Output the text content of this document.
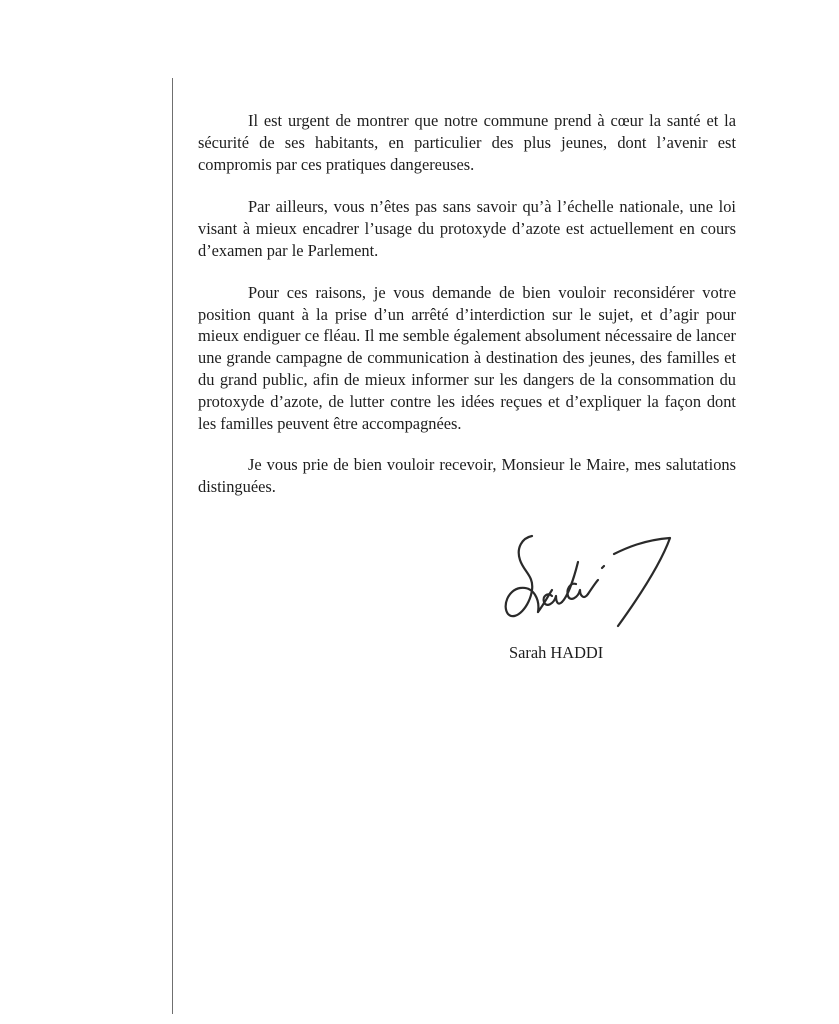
Il est urgent de montrer que notre commune prend à cœur la santé et la sécurité de ses habitants, en particulier des plus jeunes, dont l’avenir est compromis par ces pratiques dangereuses.

Par ailleurs, vous n’êtes pas sans savoir qu’à l’échelle nationale, une loi visant à mieux encadrer l’usage du protoxyde d’azote est actuellement en cours d’examen par le Parlement.

Pour ces raisons, je vous demande de bien vouloir reconsidérer votre position quant à la prise d’un arrêté d’interdiction sur le sujet, et d’agir pour mieux endiguer ce fléau. Il me semble également absolument nécessaire de lancer une grande campagne de communication à destination des jeunes, des familles et du grand public, afin de mieux informer sur les dangers de la consommation du protoxyde d’azote, de lutter contre les idées reçues et d’expliquer la façon dont les familles peuvent être accompagnées.

Je vous prie de bien vouloir recevoir, Monsieur le Maire, mes salutations distinguées.

Sarah HADDI
